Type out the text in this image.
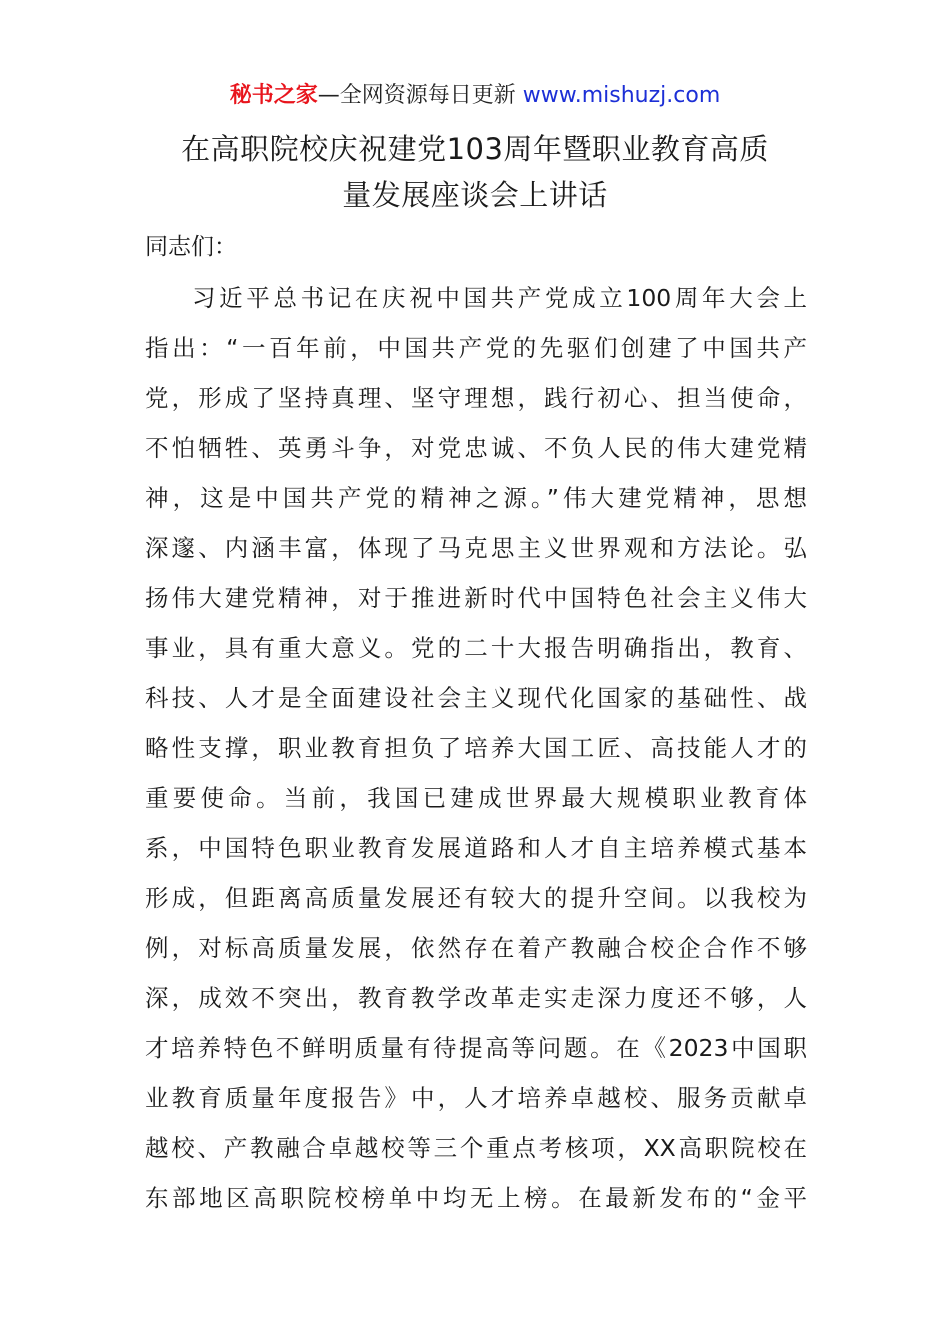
秘书之家—全网资源每日更新 www.mishuzj.com
在高职院校庆祝建党103周年暨职业教育高质
量发展座谈会上讲话
同志们：
习近平总书记在庆祝中国共产党成立100周年大会上
指出：“一百年前，中国共产党的先驱们创建了中国共产
党，形成了坚持真理、坚守理想，践行初心、担当使命，
不怕牺牲、英勇斗争，对党忠诚、不负人民的伟大建党精
神，这是中国共产党的精神之源。”伟大建党精神，思想
深邃、内涵丰富，体现了马克思主义世界观和方法论。弘
扬伟大建党精神，对于推进新时代中国特色社会主义伟大
事业，具有重大意义。党的二十大报告明确指出，教育、
科技、人才是全面建设社会主义现代化国家的基础性、战
略性支撑，职业教育担负了培养大国工匠、高技能人才的
重要使命。当前，我国已建成世界最大规模职业教育体
系，中国特色职业教育发展道路和人才自主培养模式基本
形成，但距离高质量发展还有较大的提升空间。以我校为
例，对标高质量发展，依然存在着产教融合校企合作不够
深，成效不突出，教育教学改革走实走深力度还不够，人
才培养特色不鲜明质量有待提高等问题。在《2023中国职
业教育质量年度报告》中，人才培养卓越校、服务贡献卓
越校、产教融合卓越校等三个重点考核项，XX高职院校在
东部地区高职院校榜单中均无上榜。在最新发布的“金平
